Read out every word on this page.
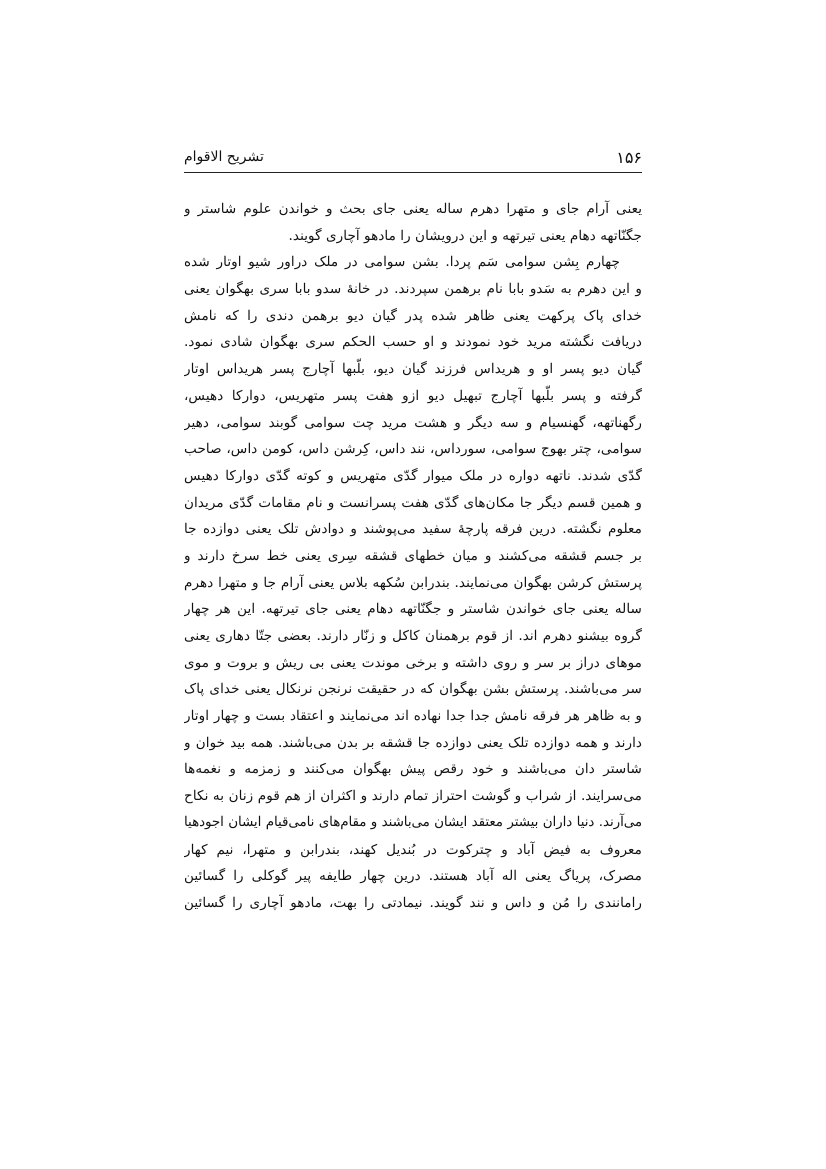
۱۵۶
تشریح الاقوام
یعنی آرام جای و متهرا دهرم ساله یعنی جای بحث و خواندن علوم شاستر و
جگنّاتهه دهام یعنی تیرتهه و این درویشان را مادهو آچاری گویند.
چهارم بِشن سوامی سَم پردا. بشن سوامی در ملک دراور شیو اوتار شده
و این دهرم به سَدو بابا نام برهمن سپردند. در خانهٔ سدو بابا سری بهگوان یعنی
خدای پاک پرکهت یعنی ظاهر شده پدر گیان دیو برهمن دندی را که نامش
دریافت نگشته مرید خود نمودند و او حسب الحکم سری بهگوان شادی نمود.
گیان دیو پسر او و هریداس فرزند گیان دیو، بلّبها آچارج پسر هریداس اوتار
گرفته و پسر بلّبها آچارج تبهیل دیو ازو هفت پسر متهریس، دوارکا دهیس،
رگهناتهه، گهنسیام و سه دیگر و هشت مرید چت سوامی گوبند سوامی، دهیر
سوامی، چتر بهوج سوامی، سورداس، نند داس، کِرشن داس، کومن داس، صاحب
گدّی شدند. ناتهه دواره در ملک میوار گدّی متهریس و کوته گدّی دوارکا دهیس
و همین قسم دیگر جا مکان‌های گدّی هفت پسرانست و نام مقامات گدّی مریدان
معلوم نگشته. درین فرقه پارچهٔ سفید می‌پوشند و دوادش تلک یعنی دوازده جا
بر جسم قشقه می‌کشند و میان خطهای قشقه سِری یعنی خط سرخ دارند و
پرستش کرشن بهگوان می‌نمایند. بندرابن سُکهه بلاس یعنی آرام جا و متهرا دهرم
ساله یعنی جای خواندن شاستر و جگنّاتهه دهام یعنی جای تیرتهه. این هر چهار
گروه بیشنو دهرم اند. از قوم برهمنان کاکل و زنّار دارند. بعضی جتّا دهاری یعنی
موهای دراز بر سر و روی داشته و برخی موندت یعنی بی ریش و بروت و موی
سر می‌باشند. پرستش بشن بهگوان که در حقیقت نرنجن نرنکال یعنی خدای پاک
و به ظاهر هر فرقه نامش جدا جدا نهاده اند می‌نمایند و اعتقاد بست و چهار اوتار
دارند و همه دوازده تلک یعنی دوازده جا قشقه بر بدن می‌باشند. همه بید خوان و
شاستر دان می‌باشند و خود رقص پیش بهگوان می‌کنند و زمزمه و نغمه‌ها
می‌سرایند. از شراب و گوشت احتراز تمام دارند و اکثران از هم قوم زنان به نکاح
می‌آرند. دنیا داران بیشتر معتقد ایشان می‌باشند و مقام‌های نامی‌قیام ایشان اجودهیا
معروف به فیض آباد و چترکوت در بُندیل کهند، بندرابن و متهرا، نیم کهار
مصرک، پریاگ یعنی اله آباد هستند. درین چهار طایفه پیر گوکلی را گسائین
رامانندی را مُن و داس و نند گویند. نیمادتی را بهت، مادهو آچاری را گسائین
